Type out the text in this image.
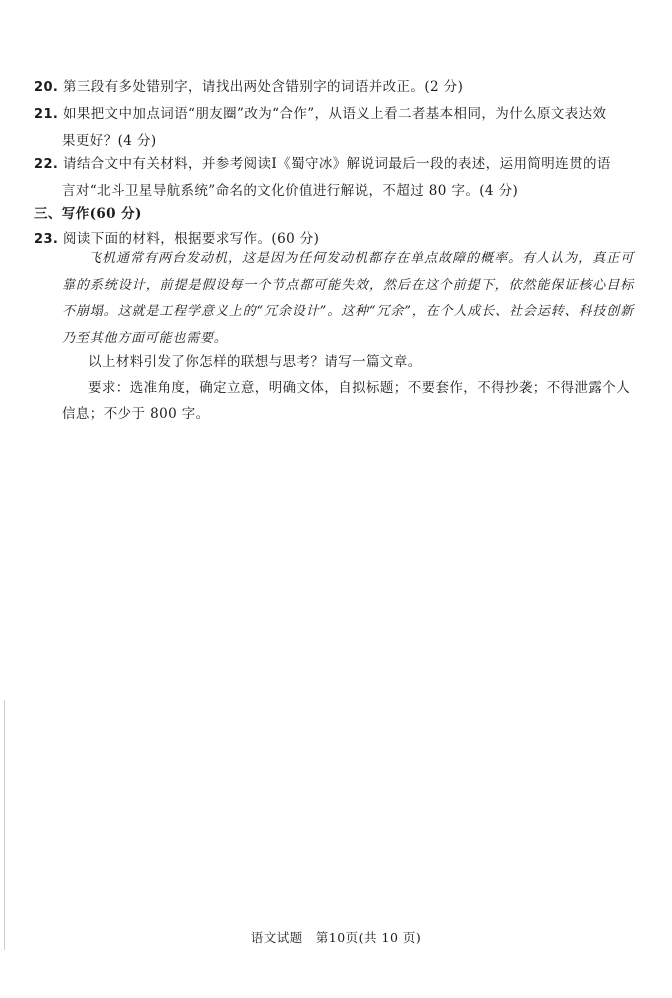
20. 第三段有多处错别字，请找出两处含错别字的词语并改正。(2 分)
21. 如果把文中加点词语“朋友圈”改为“合作”，从语义上看二者基本相同，为什么原文表达效
果更好？(4 分)
22. 请结合文中有关材料，并参考阅读Ⅰ《蜀守冰》解说词最后一段的表述，运用简明连贯的语
言对“北斗卫星导航系统”命名的文化价值进行解说，不超过 80 字。(4 分)
三、写作(60 分)
23. 阅读下面的材料，根据要求写作。(60 分)
飞机通常有两台发动机，这是因为任何发动机都存在单点故障的概率。有人认为，真正可靠的系统设计，前提是假设每一个节点都可能失效，然后在这个前提下，依然能保证核心目标不崩塌。这就是工程学意义上的“冗余设计”。这种“冗余”，在个人成长、社会运转、科技创新乃至其他方面可能也需要。
以上材料引发了你怎样的联想与思考？请写一篇文章。
要求：选准角度，确定立意，明确文体，自拟标题；不要套作，不得抄袭；不得泄露个人信息；不少于 800 字。
语文试题　第10页(共 10 页)
